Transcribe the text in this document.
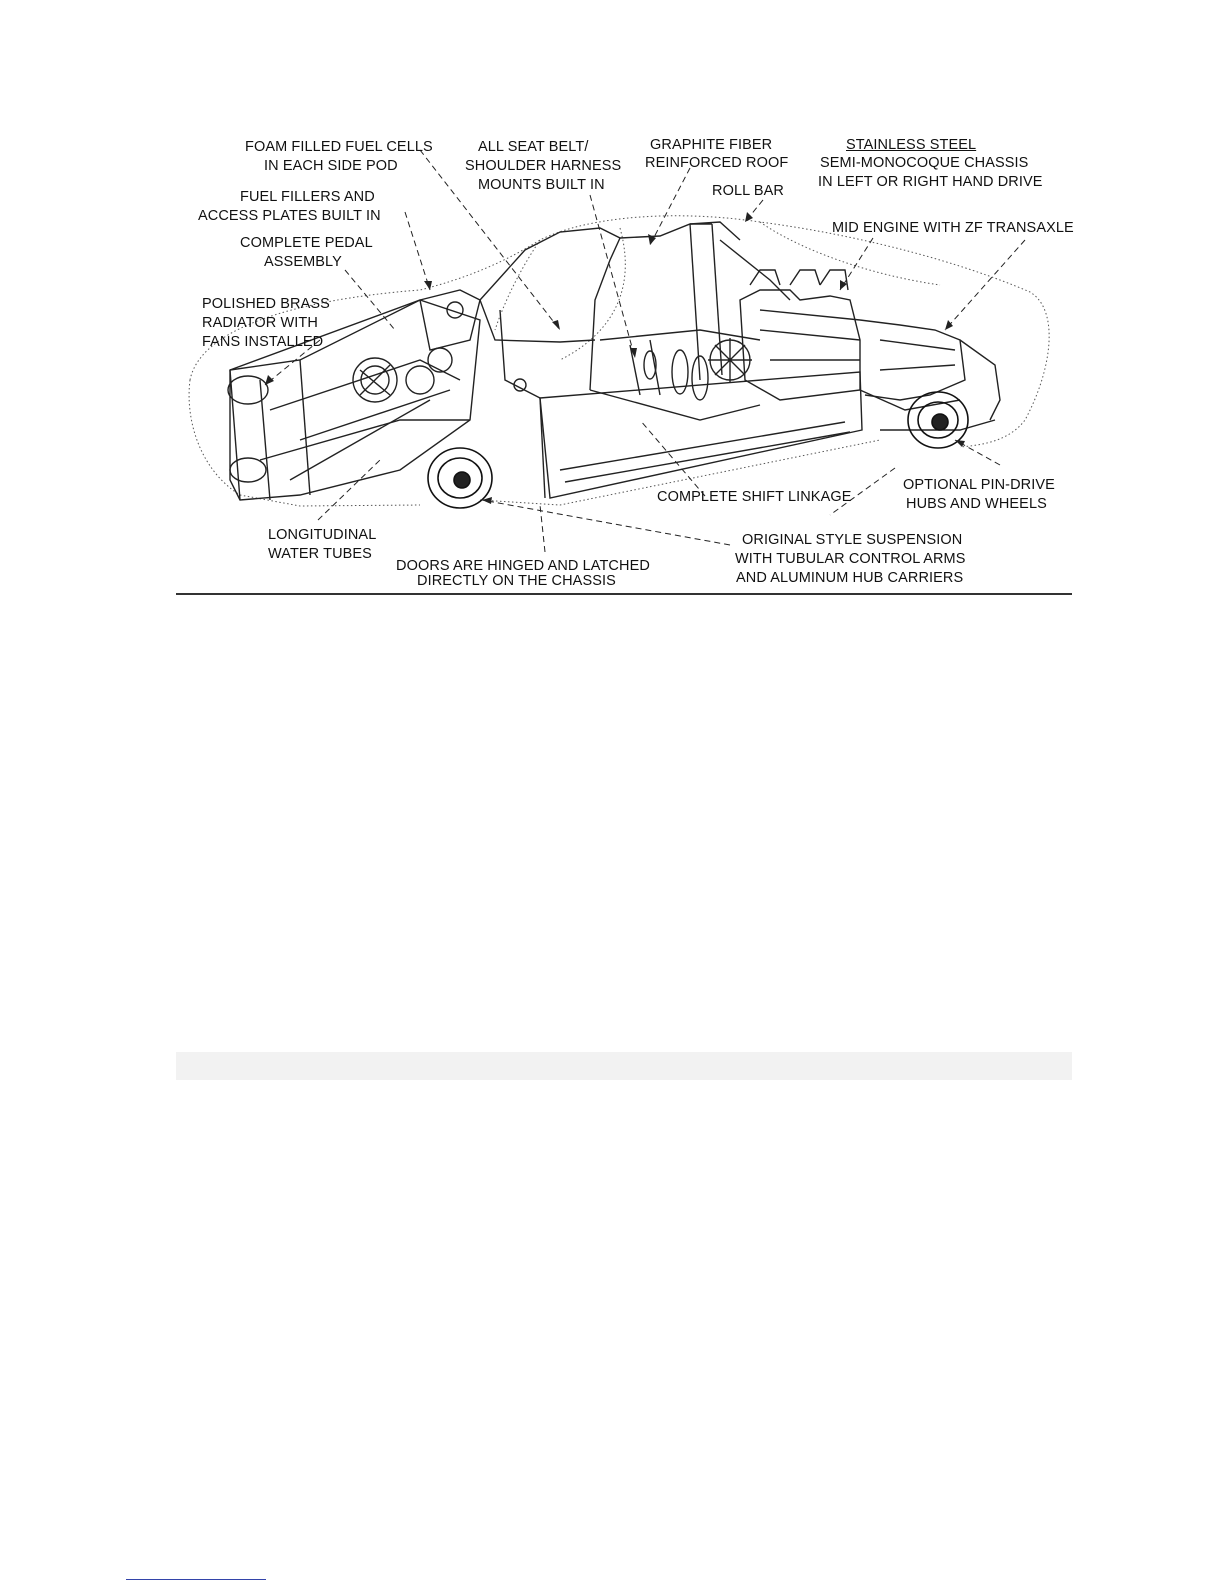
FOAM FILLED FUEL CELLS
IN EACH SIDE POD
ALL SEAT BELT/
SHOULDER HARNESS
MOUNTS BUILT IN
GRAPHITE FIBER
REINFORCED ROOF
STAINLESS STEEL
SEMI-MONOCOQUE CHASSIS
IN LEFT OR RIGHT HAND DRIVE
FUEL FILLERS AND
ACCESS PLATES BUILT IN
ROLL BAR
MID ENGINE WITH ZF TRANSAXLE
COMPLETE PEDAL
ASSEMBLY
POLISHED BRASS
RADIATOR WITH
FANS INSTALLED
COMPLETE SHIFT LINKAGE
OPTIONAL PIN-DRIVE
HUBS AND WHEELS
LONGITUDINAL
WATER TUBES
ORIGINAL STYLE SUSPENSION
WITH TUBULAR CONTROL ARMS
AND ALUMINUM HUB CARRIERS
DOORS ARE HINGED AND LATCHED
DIRECTLY ON THE CHASSIS
